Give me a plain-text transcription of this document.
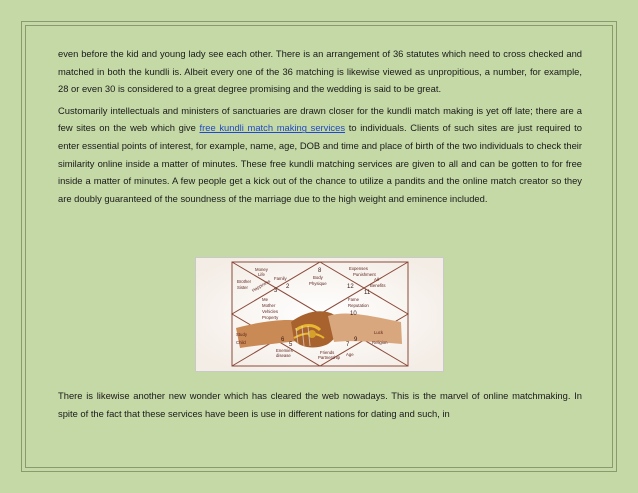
even before the kid and young lady see each other. There is an arrangement of 36 statutes which need to cross checked and matched in both the kundli is. Albeit every one of the 36 matching is likewise viewed as unpropitious, a number, for example, 28 or even 30 is considered to a great degree promising and the wedding is said to be great.

Customarily intellectuals and ministers of sanctuaries are drawn closer for the kundli match making is yet off late; there are a few sites on the web which give free kundli match making services to individuals. Clients of such sites are just required to enter essential points of interest, for example, name, age, DOB and time and place of birth of the two individuals to check their similarity online inside a matter of minutes. These free kundli matching services are given to all and can be gotten to for free inside a matter of minutes. A few people get a kick out of the chance to utilize a pandits and the online match creator so they are doubly guaranteed of the soundness of the marriage due to the high weight and eminence included.

Money
Life
Family
Brother
Sister Happiness
Me
Mother
Vehicles
Property
Study
Child
Enemies
disease
Friends
Partnership
Body
Physique
Expenses
Punishment
All
Benefits
Fame
Reputation
Luck
Religion
Age
8
12
11
2
3
6
5
9
7
10

There is likewise another new wonder which has cleared the web nowadays. This is the marvel of online matchmaking. In spite of the fact that these services have been is use in different nations for dating and such, in
